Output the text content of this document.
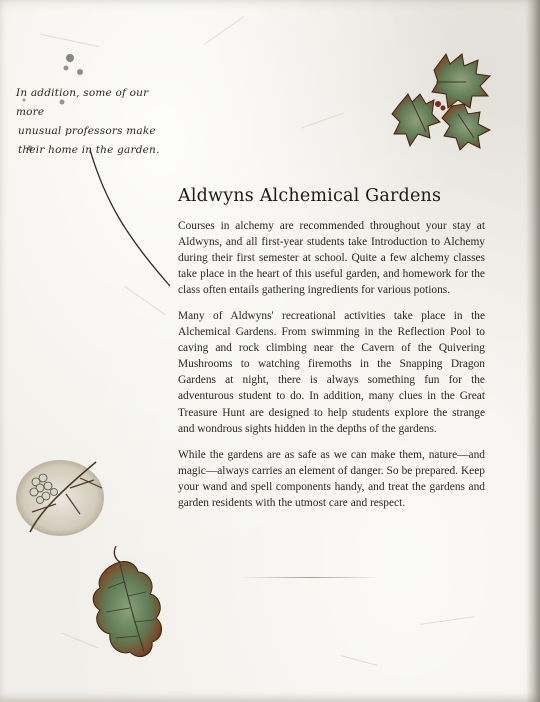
In addition, some of our more
unusual professors make
their home in the garden.
Aldwyns Alchemical Gardens

Courses in alchemy are recommended throughout your stay at Aldwyns, and all first-year students take Introduction to Alchemy during their first semester at school. Quite a few alchemy classes take place in the heart of this useful garden, and homework for the class often entails gathering ingredients for various potions.

Many of Aldwyns' recreational activities take place in the Alchemical Gardens. From swimming in the Reflection Pool to caving and rock climbing near the Cavern of the Quivering Mushrooms to watching firemoths in the Snapping Dragon Gardens at night, there is always something fun for the adventurous student to do. In addition, many clues in the Great Treasure Hunt are designed to help students explore the strange and wondrous sights hidden in the depths of the gardens.

While the gardens are as safe as we can make them, nature—and magic—always carries an element of danger. So be prepared. Keep your wand and spell components handy, and treat the gardens and garden residents with the utmost care and respect.
